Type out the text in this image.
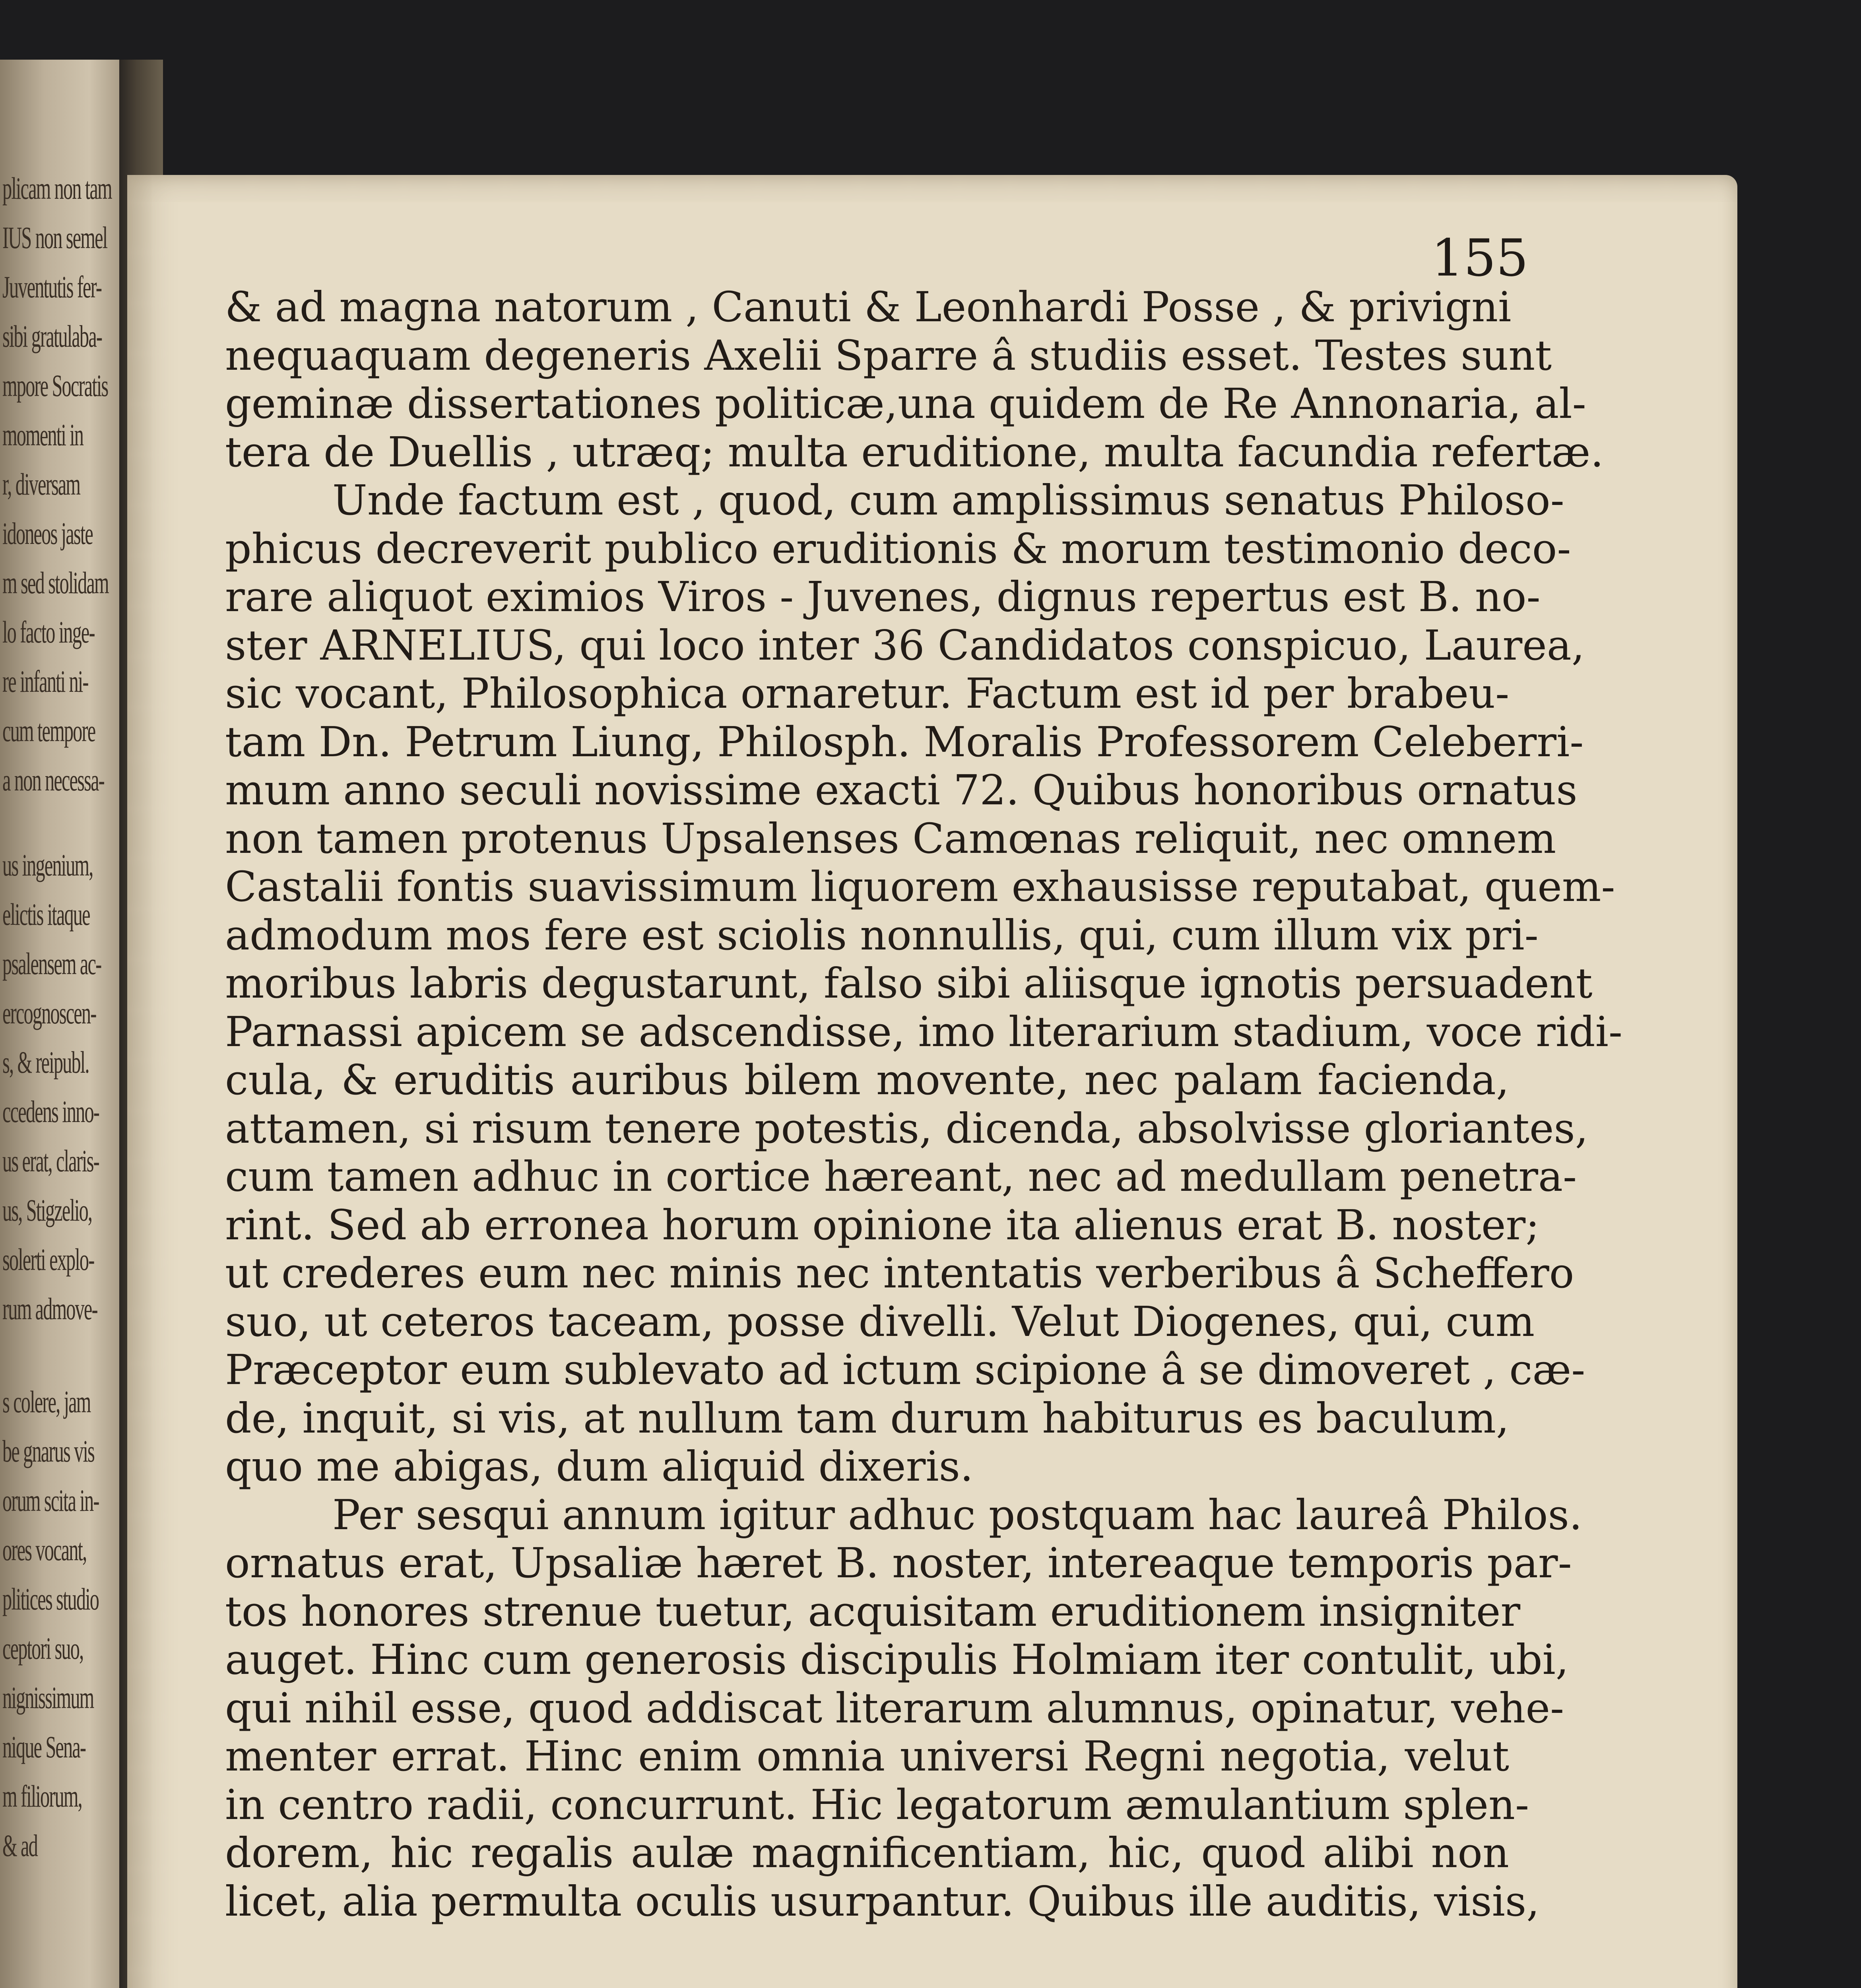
plicam non tam
IUS non semel
Juventutis fer-
sibi gratulaba-
mpore Socratis
momenti in
r, diversam
idoneos jaste
m sed stolidam
lo facto inge-
re infanti ni-
cum tempore
a non necessa-
us ingenium,
elictis itaque
psalensem ac-
ercognoscen-
s, & reipubl.
ccedens inno-
us erat, claris-
us, Stigzelio,
solerti explo-
rum admove-
s colere, jam
be gnarus vis
orum scita in-
ores vocant,
plitices studio
ceptori suo,
nignissimum
nique Sena-
m filiorum,
& ad
155
& ad magna natorum , Canuti & Leonhardi Posse , & privigni
nequaquam degeneris Axelii Sparre â studiis esset. Testes sunt
geminæ dissertationes politicæ,una quidem de Re Annonaria, al-
tera de Duellis , utræq; multa eruditione, multa facundia refertæ.
Unde factum est , quod, cum amplissimus senatus Philoso-
phicus decreverit publico eruditionis & morum testimonio deco-
rare aliquot eximios Viros - Juvenes, dignus repertus est B. no-
ster ARNELIUS, qui loco inter 36 Candidatos conspicuo, Laurea,
sic vocant, Philosophica ornaretur. Factum est id per brabeu-
tam Dn. Petrum Liung, Philosph. Moralis Professorem Celeberri-
mum anno seculi novissime exacti 72. Quibus honoribus ornatus
non tamen protenus Upsalenses Camœnas reliquit, nec omnem
Castalii fontis suavissimum liquorem exhausisse reputabat, quem-
admodum mos fere est sciolis nonnullis, qui, cum illum vix pri-
moribus labris degustarunt, falso sibi aliisque ignotis persuadent
Parnassi apicem se adscendisse, imo literarium stadium, voce ridi-
cula, & eruditis auribus bilem movente, nec palam facienda,
attamen, si risum tenere potestis, dicenda, absolvisse gloriantes,
cum tamen adhuc in cortice hæreant, nec ad medullam penetra-
rint. Sed ab erronea horum opinione ita alienus erat B. noster;
ut crederes eum nec minis nec intentatis verberibus â Scheffero
suo, ut ceteros taceam, posse divelli. Velut Diogenes, qui, cum
Præceptor eum sublevato ad ictum scipione â se dimoveret , cæ-
de, inquit, si vis, at nullum tam durum habiturus es baculum,
quo me abigas, dum aliquid dixeris.
Per sesqui annum igitur adhuc postquam hac laureâ Philos.
ornatus erat, Upsaliæ hæret B. noster, intereaque temporis par-
tos honores strenue tuetur, acquisitam eruditionem insigniter
auget. Hinc cum generosis discipulis Holmiam iter contulit, ubi,
qui nihil esse, quod addiscat literarum alumnus, opinatur, vehe-
menter errat. Hinc enim omnia universi Regni negotia, velut
in centro radii, concurrunt. Hic legatorum æmulantium splen-
dorem, hic regalis aulæ magnificentiam, hic, quod alibi non
licet, alia permulta oculis usurpantur. Quibus ille auditis, visis,
